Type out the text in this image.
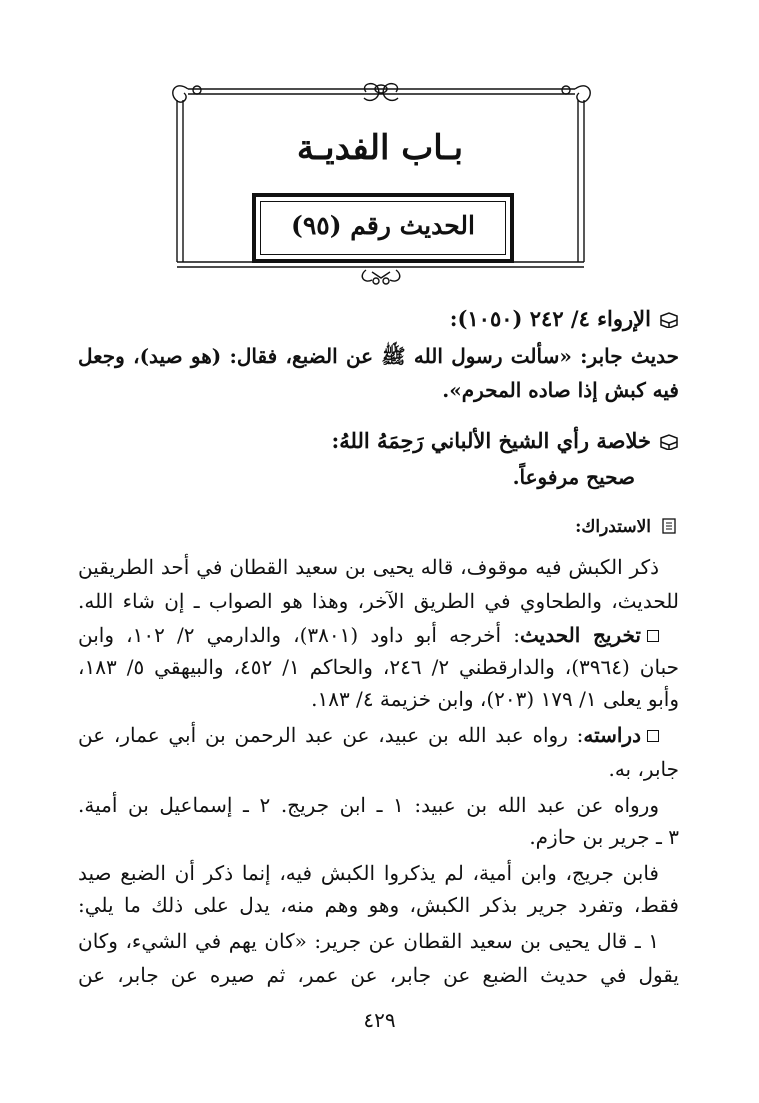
بـاب الفديـة
الحديث رقم (٩٥)
الإرواء ٤/ ٢٤٢ (١٠٥٠):
حديث جابر: «سألت رسول الله ﷺ عن الضبع، فقال: (هو صيد)، وجعل
فيه كبش إذا صاده المحرم».
خلاصة رأي الشيخ الألباني رَحِمَهُ اللهُ:
صحيح مرفوعاً.
الاستدراك:
ذكر الكبش فيه موقوف، قاله يحيى بن سعيد القطان في أحد الطريقين
للحديث، والطحاوي في الطريق الآخر، وهذا هو الصواب ـ إن شاء الله.
تخريج الحديث: أخرجه أبو داود (٣٨٠١)، والدارمي ٢/ ١٠٢، وابن
حبان (٣٩٦٤)، والدارقطني ٢/ ٢٤٦، والحاكم ١/ ٤٥٢، والبيهقي ٥/ ١٨٣،
وأبو يعلى ١/ ١٧٩ (٢٠٣)، وابن خزيمة ٤/ ١٨٣.
دراسته: رواه عبد الله بن عبيد، عن عبد الرحمن بن أبي عمار، عن
جابر، به.
ورواه عن عبد الله بن عبيد: ١ ـ ابن جريج. ٢ ـ إسماعيل بن أمية.
٣ ـ جرير بن حازم.
فابن جريج، وابن أمية، لم يذكروا الكبش فيه، إنما ذكر أن الضبع صيد
فقط، وتفرد جرير بذكر الكبش، وهو وهم منه، يدل على ذلك ما يلي:
١ ـ قال يحيى بن سعيد القطان عن جرير: «كان يهم في الشيء، وكان
يقول في حديث الضبع عن جابر، عن عمر، ثم صيره عن جابر، عن
٤٢٩
